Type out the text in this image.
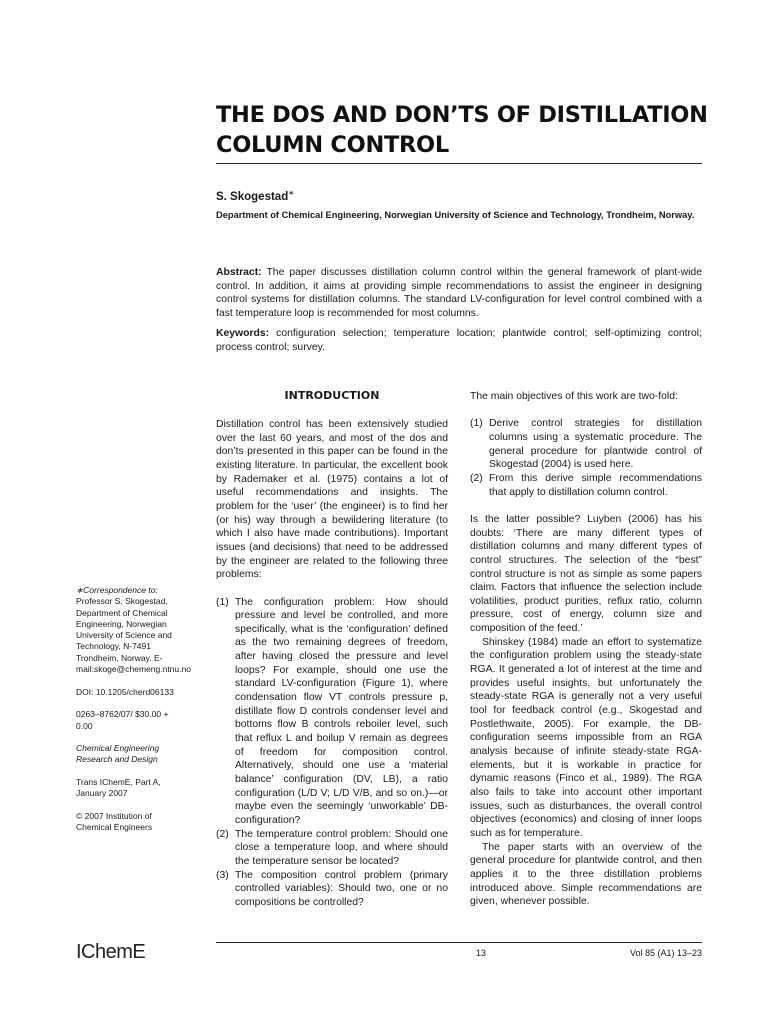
THE DOS AND DON’TS OF DISTILLATION COLUMN CONTROL
S. Skogestad∗
Department of Chemical Engineering, Norwegian University of Science and Technology, Trondheim, Norway.
Abstract: The paper discusses distillation column control within the general framework of plant-wide control. In addition, it aims at providing simple recommendations to assist the engineer in designing control systems for distillation columns. The standard LV-configuration for level control combined with a fast temperature loop is recommended for most columns.
Keywords: configuration selection; temperature location; plantwide control; self-optimizing control; process control; survey.
INTRODUCTION

Distillation control has been extensively studied over the last 60 years, and most of the dos and don’ts presented in this paper can be found in the existing literature. In particular, the excellent book by Rademaker et al. (1975) contains a lot of useful recommendations and insights. The problem for the ‘user’ (the engineer) is to find her (or his) way through a bewildering literature (to which I also have made contributions). Important issues (and decisions) that need to be addressed by the engineer are related to the following three problems:

(1) The configuration problem: How should pressure and level be controlled, and more specifically, what is the ‘configuration’ defined as the two remaining degrees of freedom, after having closed the pressure and level loops? For example, should one use the standard LV-configuration (Figure 1), where condensation flow VT controls pressure p, distillate flow D controls condenser level and bottoms flow B controls reboiler level, such that reflux L and boilup V remain as degrees of freedom for composition control. Alternatively, should one use a ‘material balance’ configuration (DV, LB), a ratio configuration (L/D V; L/D V/B, and so on.)—or maybe even the seemingly ‘unworkable’ DB-configuration?
(2) The temperature control problem: Should one close a temperature loop, and where should the temperature sensor be located?
(3) The composition control problem (primary controlled variables): Should two, one or no compositions be controlled?

The main objectives of this work are two-fold:

(1) Derive control strategies for distillation columns using a systematic procedure. The general procedure for plantwide control of Skogestad (2004) is used here.
(2) From this derive simple recommendations that apply to distillation column control.

Is the latter possible? Luyben (2006) has his doubts: ‘There are many different types of distillation columns and many different types of control structures. The selection of the “best” control structure is not as simple as some papers claim. Factors that influence the selection include volatilities, product purities, reflux ratio, column pressure, cost of energy, column size and composition of the feed.’

Shinskey (1984) made an effort to systematize the configuration problem using the steady-state RGA. It generated a lot of interest at the time and provides useful insights, but unfortunately the steady-state RGA is generally not a very useful tool for feedback control (e.g., Skogestad and Postlethwaite, 2005). For example, the DB-configuration seems impossible from an RGA analysis because of infinite steady-state RGA-elements, but it is workable in practice for dynamic reasons (Finco et al., 1989). The RGA also fails to take into account other important issues, such as disturbances, the overall control objectives (economics) and closing of inner loops such as for temperature.

The paper starts with an overview of the general procedure for plantwide control, and then applies it to the three distillation problems introduced above. Simple recommendations are given, whenever possible.

∗Correspondence to:
Professor S. Skogestad, Department of Chemical Engineering, Norwegian University of Science and Technology, N-7491 Trondheim, Norway. E-mail:skoge@chemeng.ntnu.no

DOI: 10.1205/cherd06133

0263–8762/07/ $30.00 + 0.00

Chemical Engineering Research and Design

Trans IChemE, Part A, January 2007

© 2007 Institution of Chemical Engineers

IChemE	13	Vol 85 (A1) 13–23
